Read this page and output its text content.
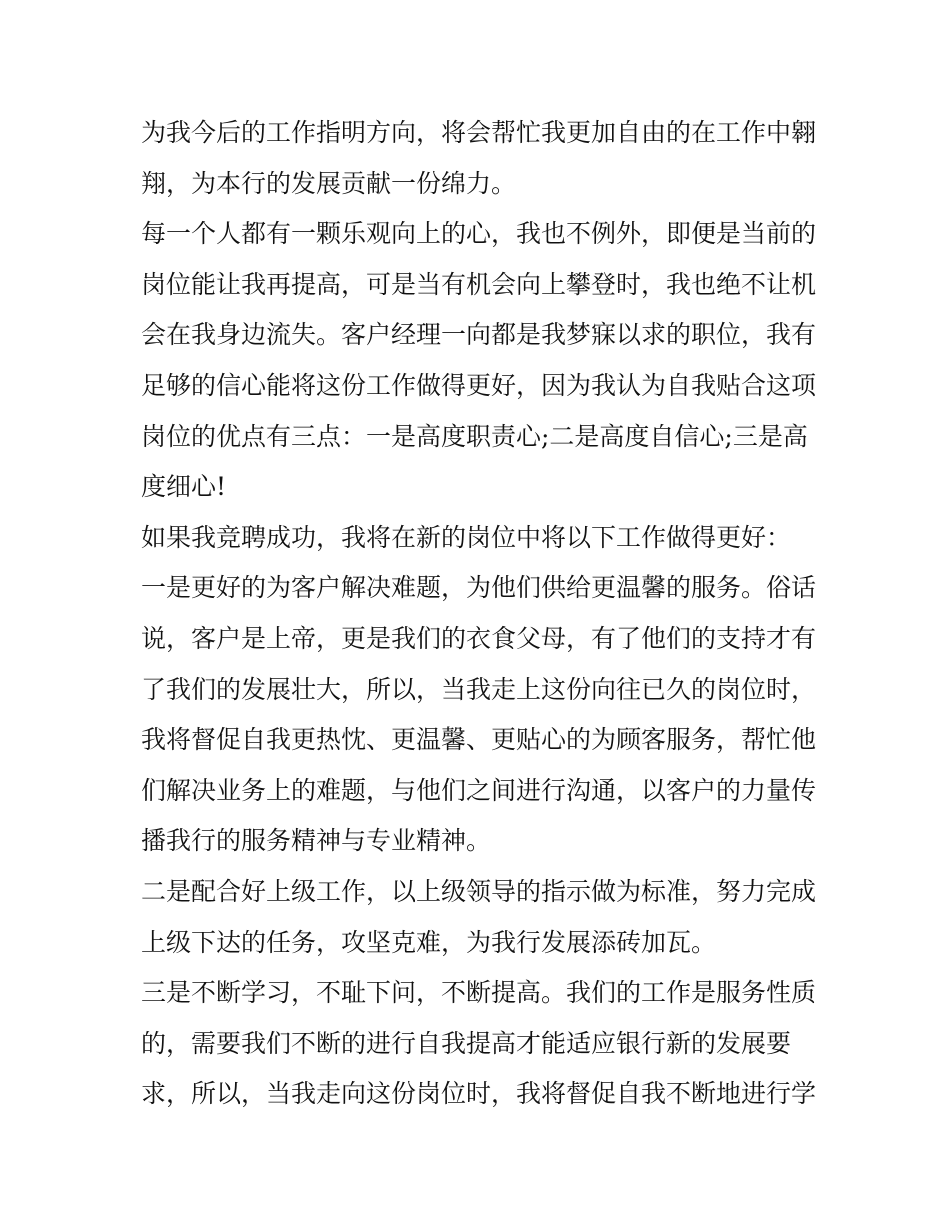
为我今后的工作指明方向，将会帮忙我更加自由的在工作中翱
翔，为本行的发展贡献一份绵力。
每一个人都有一颗乐观向上的心，我也不例外，即便是当前的
岗位能让我再提高，可是当有机会向上攀登时，我也绝不让机
会在我身边流失。客户经理一向都是我梦寐以求的职位，我有
足够的信心能将这份工作做得更好，因为我认为自我贴合这项
岗位的优点有三点：一是高度职责心;二是高度自信心;三是高
度细心!
如果我竞聘成功，我将在新的岗位中将以下工作做得更好：
一是更好的为客户解决难题，为他们供给更温馨的服务。俗话
说，客户是上帝，更是我们的衣食父母，有了他们的支持才有
了我们的发展壮大，所以，当我走上这份向往已久的岗位时，
我将督促自我更热忱、更温馨、更贴心的为顾客服务，帮忙他
们解决业务上的难题，与他们之间进行沟通，以客户的力量传
播我行的服务精神与专业精神。
二是配合好上级工作，以上级领导的指示做为标准，努力完成
上级下达的任务，攻坚克难，为我行发展添砖加瓦。
三是不断学习，不耻下问，不断提高。我们的工作是服务性质
的，需要我们不断的进行自我提高才能适应银行新的发展要
求，所以，当我走向这份岗位时，我将督促自我不断地进行学
